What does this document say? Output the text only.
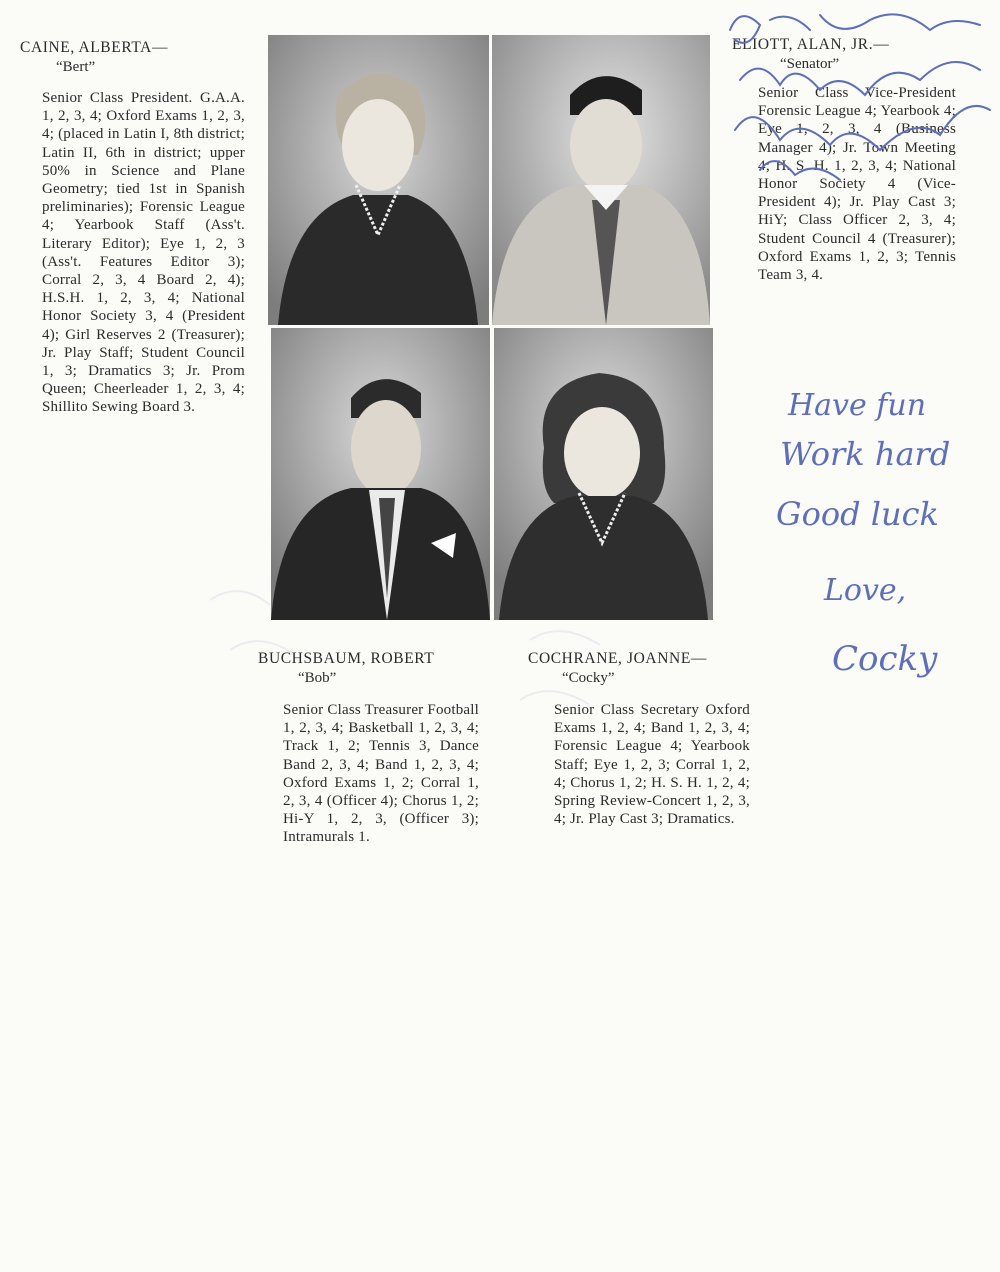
CAINE, ALBERTA—
“Bert”
Senior Class President. G.A.A. 1, 2, 3, 4; Oxford Exams 1, 2, 3, 4; (placed in Latin I, 8th district; Latin II, 6th in district; upper 50% in Science and Plane Geometry; tied 1st in Spanish preliminaries); Forensic League 4; Yearbook Staff (Ass't. Literary Editor); Eye 1, 2, 3 (Ass't. Features Editor 3); Corral 2, 3, 4 Board 2, 4); H.S.H. 1, 2, 3, 4; National Honor Society 3, 4 (President 4); Girl Reserves 2 (Treasurer); Jr. Play Staff; Student Council 1, 3; Dramatics 3; Jr. Prom Queen; Cheerleader 1, 2, 3, 4; Shillito Sewing Board 3.
ELIOTT, ALAN, JR.—
“Senator”
Senior Class Vice-President Forensic League 4; Yearbook 4; Eye 1, 2, 3, 4 (Business Manager 4); Jr. Town Meeting 4; H. S. H. 1, 2, 3, 4; National Honor Society 4 (Vice-President 4); Jr. Play Cast 3; HiY; Class Officer 2, 3, 4; Student Council 4 (Treasurer); Oxford Exams 1, 2, 3; Tennis Team 3, 4.
BUCHSBAUM, ROBERT
“Bob”
Senior Class Treasurer Football 1, 2, 3, 4; Basketball 1, 2, 3, 4; Track 1, 2; Tennis 3, Dance Band 2, 3, 4; Band 1, 2, 3, 4; Oxford Exams 1, 2; Corral 1, 2, 3, 4 (Officer 4); Chorus 1, 2; Hi-Y 1, 2, 3, (Officer 3); Intramurals 1.
COCHRANE, JOANNE—
“Cocky”
Senior Class Secretary Oxford Exams 1, 2, 4; Band 1, 2, 3, 4; Forensic League 4; Yearbook Staff; Eye 1, 2, 3; Corral 1, 2, 4; Chorus 1, 2; H. S. H. 1, 2, 4; Spring Review-Concert 1, 2, 3, 4; Jr. Play Cast 3; Dramatics.
Have fun
Work hard
Good luck
Love,
Cocky
